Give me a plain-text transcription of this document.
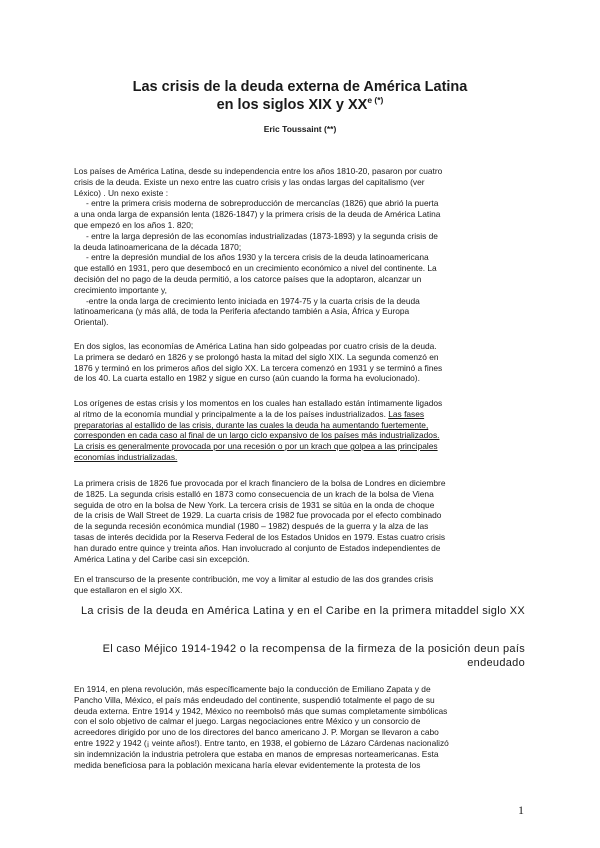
Las crisis de la deuda externa de América Latina
en los siglos XIX y $XX^{e (*)}$
Eric Toussaint (**)
Los países de América Latina, desde su independencia entre los años 1810-20, pasaron por cuatro
crisis de la deuda. Existe un nexo entre las cuatro crisis y las ondas largas del capitalismo (ver
Léxico) . Un nexo existe :
- entre la primera crisis moderna de sobreproducción de mercancías (1826) que abrió la puerta
a una onda larga de expansión lenta (1826-1847) y la primera crisis de la deuda de América Latina
que empezó en los años 1. 820;
- entre la larga depresión de las economías industrializadas (1873-1893) y la segunda crisis de
la deuda latinoamericana de la década 1870;
- entre la depresión mundial de los años 1930 y la tercera crisis de la deuda latinoamericana
que estalló en 1931, pero que desembocó en un crecimiento económico a nivel del continente. La
decisión del no pago de la deuda permitió, a los catorce países que la adoptaron, alcanzar un
crecimiento importante y,
-entre la onda larga de crecimiento lento iniciada en 1974-75 y la cuarta crisis de la deuda
latinoamericana (y más allá, de toda la Periferia afectando también a Asia, África y Europa
Oriental).
En dos siglos, las economías de América Latina han sido golpeadas por cuatro crisis de la deuda.
La primera se dedaró en 1826 y se prolongó hasta la mitad del siglo XIX. La segunda comenzó en
1876 y terminó en los primeros años del siglo XX. La tercera comenzó en 1931 y se terminó a fines
de los 40. La cuarta estallo en 1982 y sigue en curso (aún cuando la forma ha evolucionado).
Los orígenes de estas crisis y los momentos en los cuales han estallado están íntimamente ligados
al ritmo de la economía mundial y principalmente a la de los países industrializados. Las fases
preparatorias al estallido de las crisis, durante las cuales la deuda ha aumentando fuertemente,
corresponden en cada caso al final de un largo ciclo expansivo de los países más industrializados.
La crisis es generalmente provocada por una recesión o por un krach que golpea a las principales
economías industrializadas.
La primera crisis de 1826 fue provocada por el krach financiero de la bolsa de Londres en diciembre
de 1825. La segunda crisis estalló en 1873 como consecuencia de un krach de la bolsa de Viena
seguida de otro en la bolsa de New York. La tercera crisis de 1931 se sitúa en la onda de choque
de la crisis de Wall Street de 1929. La cuarta crisis de 1982 fue provocada por el efecto combinado
de la segunda recesión económica mundial (1980 – 1982) después de la guerra y la alza de las
tasas de interés decidida por la Reserva Federal de los Estados Unidos en 1979. Estas cuatro crisis
han durado entre quince y treinta años. Han involucrado al conjunto de Estados independientes de
América Latina y del Caribe casi sin excepción.
En el transcurso de la presente contribución, me voy a limitar al estudio de las dos grandes crisis
que estallaron en el siglo XX.
La crisis de la deuda en América Latina y en el Caribe en la primera mitaddel siglo XX
El caso Méjico 1914-1942 o la recompensa de la firmeza de la posición deun país endeudado
En 1914, en plena revolución, más específicamente bajo la conducción de Emiliano Zapata y de
Pancho Villa, México, el país más endeudado del continente, suspendió totalmente el pago de su
deuda externa. Entre 1914 y 1942, México no reembolsó más que sumas completamente simbólicas
con el solo objetivo de calmar el juego. Largas negociaciones entre México y un consorcio de
acreedores dirigido por uno de los directores del banco americano J. P. Morgan se llevaron a cabo
entre 1922 y 1942 (¡ veinte años!). Entre tanto, en 1938, el gobierno de Lázaro Cárdenas nacionalizó
sin indemnización la industria petrolera que estaba en manos de empresas norteamericanas. Esta
medida beneficiosa para la población mexicana haría elevar evidentemente la protesta de los
1
